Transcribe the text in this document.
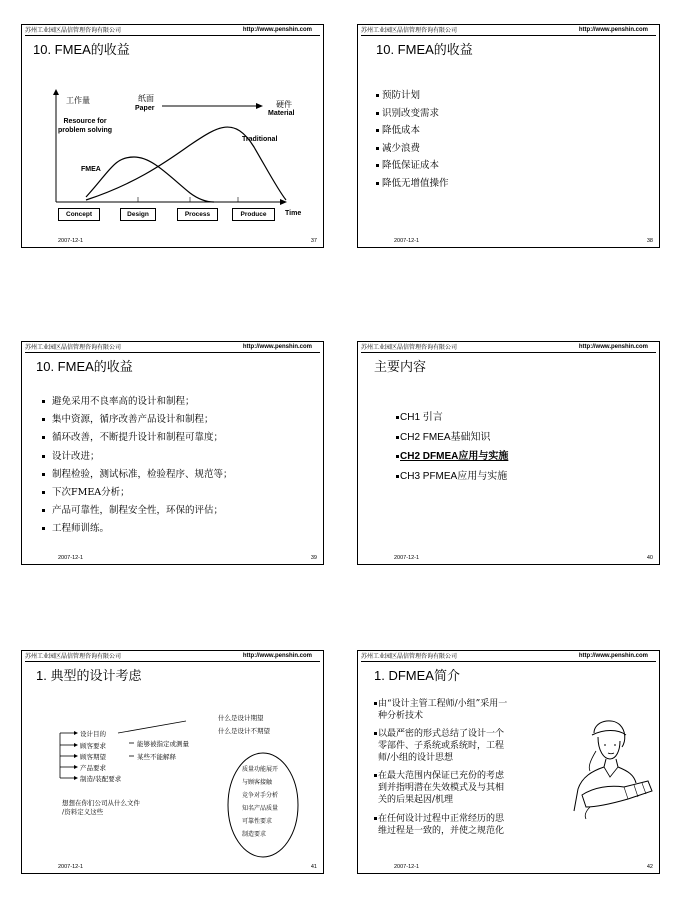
苏州工业园区晶信管理咨询有限公司	http://www.penshin.com
10. FMEA的收益
工作量
Resource for
problem solving
纸面
Paper	硬件
Material
Traditional
FMEA
Concept	Design	Process	Produce	Time
2007-12-1	37
苏州工业园区晶信管理咨询有限公司	http://www.penshin.com
10. FMEA的收益
预防计划
识别改变需求
降低成本
减少浪费
降低保证成本
降低无增值操作
2007-12-1	38
苏州工业园区晶信管理咨询有限公司	http://www.penshin.com
10. FMEA的收益
避免采用不良率高的设计和制程；
集中资源，循序改善产品设计和制程；
循环改善，不断提升设计和制程可靠度；
设计改进；
制程检验，测试标准，检验程序、规范等；
下次FMEA分析；
产品可靠性，制程安全性，环保的评估；
工程师训练。
2007-12-1	39
苏州工业园区晶信管理咨询有限公司	http://www.penshin.com
主要内容
CH1 引言
CH2 FMEA基础知识
CH2 DFMEA应用与实施
CH3 PFMEA应用与实施
2007-12-1	40
苏州工业园区晶信管理咨询有限公司	http://www.penshin.com
1. 典型的设计考虑
设计目的
顾客要求
顾客期望
产品要求
制造/装配要求
能够被指定或测量
某些不能解释
什么是设计期望
什么是设计不期望
质量功能展开
与顾客接触
竞争对手分析
知名产品质量
可靠性要求
制造要求
想想在你们公司从什么文件
/资料定义这些
2007-12-1	41
苏州工业园区晶信管理咨询有限公司	http://www.penshin.com
1. DFMEA简介
由“设计主管工程师/小组”采用一
种分析技术
以最严密的形式总结了设计一个
零部件、子系统或系统时，工程
师/小组的设计思想
在最大范围内保证已充份的考虑
到并指明潜在失效模式及与其相
关的后果起因/机理
在任何设计过程中正常经历的思
维过程是一致的，并使之规范化
2007-12-1	42
